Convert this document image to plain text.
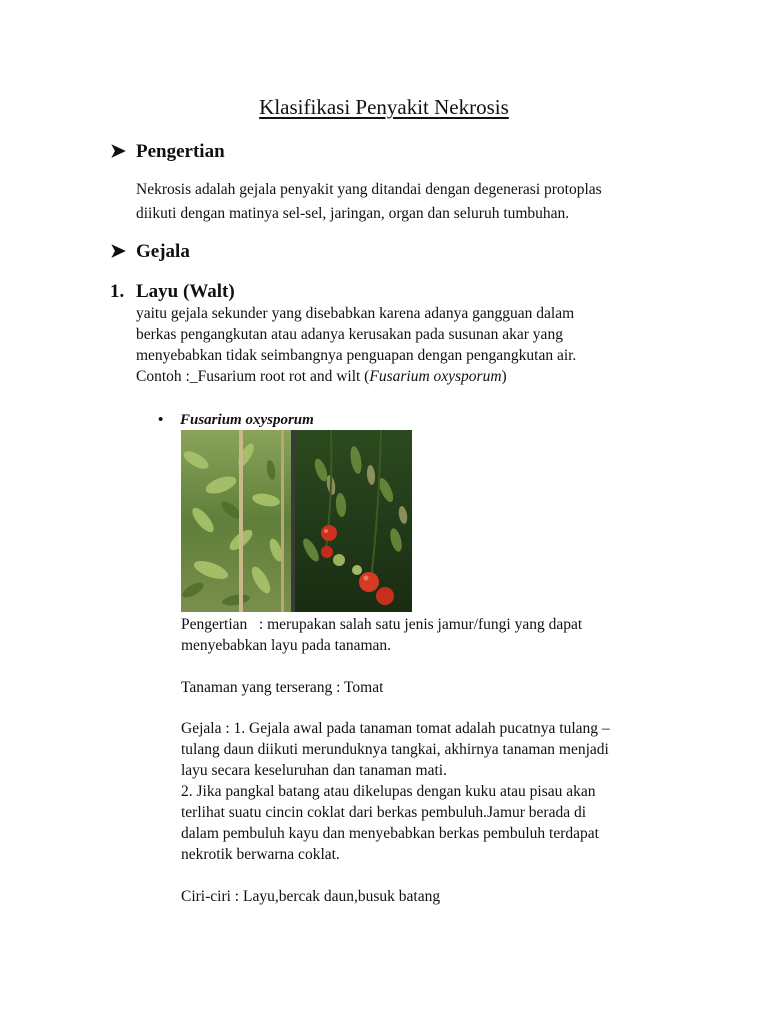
Klasifikasi Penyakit Nekrosis
➤ Pengertian
Nekrosis adalah gejala penyakit yang ditandai dengan degenerasi protoplas
diikuti dengan matinya sel-sel, jaringan, organ dan seluruh tumbuhan.
➤ Gejala
1. Layu (Walt)
yaitu gejala sekunder yang disebabkan karena adanya gangguan dalam
berkas pengangkutan atau adanya kerusakan pada susunan akar yang
menyebabkan tidak seimbangnya penguapan dengan pengangkutan air.
Contoh :_Fusarium root rot and wilt (Fusarium oxysporum)
• Fusarium oxysporum
Pengertian   : merupakan salah satu jenis jamur/fungi yang dapat
menyebabkan layu pada tanaman.
Tanaman yang terserang : Tomat
Gejala : 1. Gejala awal pada tanaman tomat adalah pucatnya tulang –
tulang daun diikuti merunduknya tangkai, akhirnya tanaman menjadi
layu secara keseluruhan dan tanaman mati.
2. Jika pangkal batang atau dikelupas dengan kuku atau pisau akan
terlihat suatu cincin coklat dari berkas pembuluh.Jamur berada di
dalam pembuluh kayu dan menyebabkan berkas pembuluh terdapat
nekrotik berwarna coklat.
Ciri-ciri : Layu,bercak daun,busuk batang
